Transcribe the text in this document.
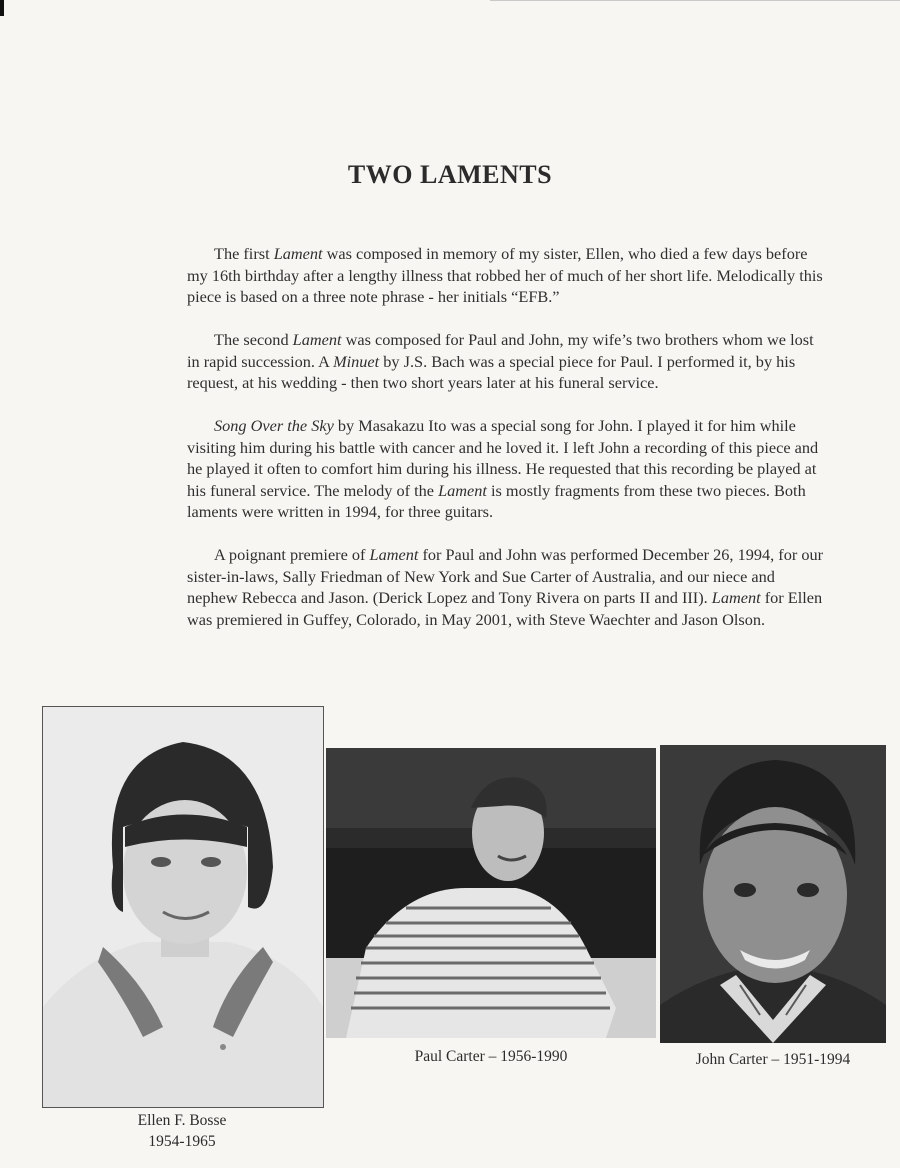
TWO LAMENTS

The first Lament was composed in memory of my sister, Ellen, who died a few days before my 16th birthday after a lengthy illness that robbed her of much of her short life. Melodically this piece is based on a three note phrase - her initials “EFB.”

The second Lament was composed for Paul and John, my wife’s two brothers whom we lost in rapid succession. A Minuet by J.S. Bach was a special piece for Paul. I performed it, by his request, at his wedding - then two short years later at his funeral service.

Song Over the Sky by Masakazu Ito was a special song for John. I played it for him while visiting him during his battle with cancer and he loved it. I left John a recording of this piece and he played it often to comfort him during his illness. He requested that this recording be played at his funeral service. The melody of the Lament is mostly fragments from these two pieces. Both laments were written in 1994, for three guitars.

A poignant premiere of Lament for Paul and John was performed December 26, 1994, for our sister-in-laws, Sally Friedman of New York and Sue Carter of Australia, and our niece and nephew Rebecca and Jason. (Derick Lopez and Tony Rivera on parts II and III). Lament for Ellen was premiered in Guffey, Colorado, in May 2001, with Steve Waechter and Jason Olson.

Ellen F. Bosse
1954-1965
Paul Carter – 1956-1990	John Carter – 1951-1994
